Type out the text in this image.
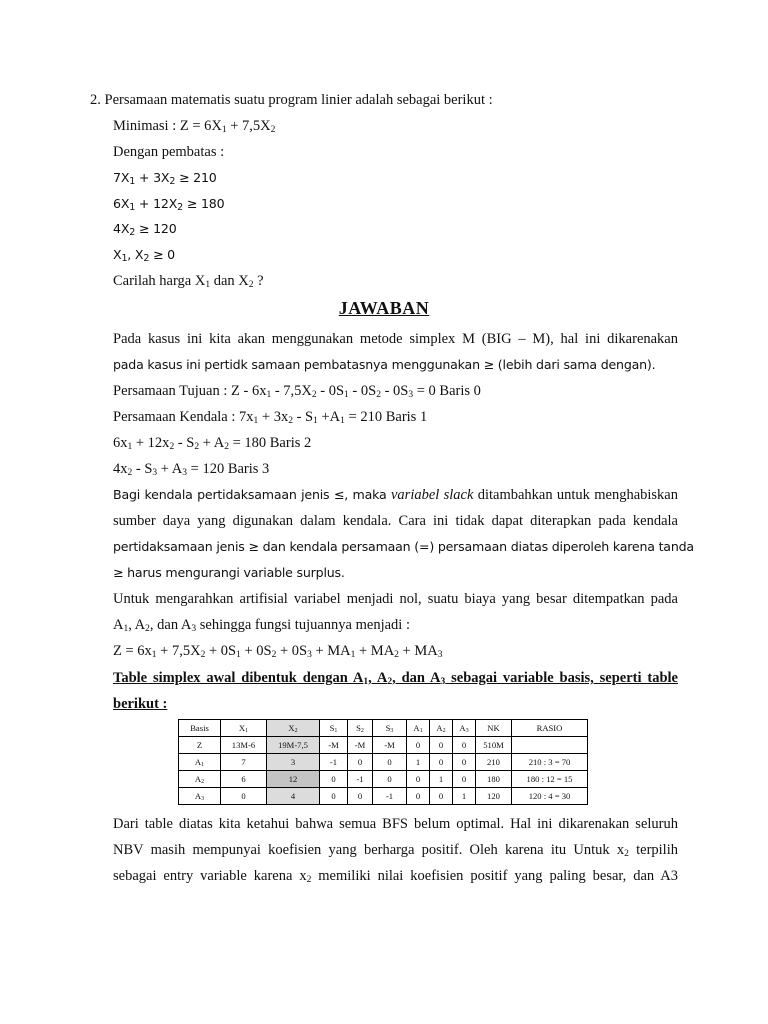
2. Persamaan matematis suatu program linier adalah sebagai berikut :
Minimasi : $Z = 6X_1 + 7,5X_2$
Dengan pembatas :
$7X_1 + 3X_2 \ge 210$
$6X_1 + 12X_2 \ge 180$
$4X_2 \ge 120$
$X_1$, $X_2 \ge 0$
Carilah harga $X_1$ dan $X_2$ ?
JAWABAN
Pada kasus ini kita akan menggunakan metode simplex M (BIG – M), hal ini dikarenakan
pada kasus ini pertidk samaan pembatasnya menggunakan ≥ (lebih dari sama dengan).
Persamaan Tujuan : $Z - 6x_1 - 7,5X_2 - 0S_1 - 0S_2 - 0S_3 = 0$ Baris 0
Persamaan Kendala : $7x_1 + 3x_2 - S_1 +A_1 = 210$ Baris 1
$6x_1 + 12x_2 - S_2 + A_2 = 180$ Baris 2
$4x_2 - S_3 + A_3 = 120$ Baris 3
Bagi kendala pertidaksamaan jenis ≤, maka variabel slack ditambahkan untuk menghabiskan
sumber daya yang digunakan dalam kendala. Cara ini tidak dapat diterapkan pada kendala
pertidaksamaan jenis ≥ dan kendala persamaan (=) persamaan diatas diperoleh karena tanda
≥ harus mengurangi variable surplus.
Untuk mengarahkan artifisial variabel menjadi nol, suatu biaya yang besar ditempatkan pada
$A_1$, $A_2$, dan $A_3$ sehingga fungsi tujuannya menjadi :
$Z = 6x_1 + 7,5X_2 + 0S_1 + 0S_2 + 0S_3 + MA_1 + MA_2 + MA_3$
Table simplex awal dibentuk dengan $A_1$, $A_2$, dan $A_3$ sebagai variable basis, seperti table
berikut :
Basis	$X_1$	$X_2$	$S_1$	$S_2$	$S_3$	$A_1$	$A_2$	$A_3$	NK	RASIO
Z	13M-6	19M-7,5	-M	-M	-M	0	0	0	510M	
$A_1$	7	3	-1	0	0	1	0	0	210	210 : 3 = 70
$A_2$	6	12	0	-1	0	0	1	0	180	180 : 12 = 15
$A_3$	0	4	0	0	-1	0	0	1	120	120 : 4 = 30
Dari table diatas kita ketahui bahwa semua BFS belum optimal. Hal ini dikarenakan seluruh
NBV masih mempunyai koefisien yang berharga positif. Oleh karena itu Untuk $x_2$ terpilih
sebagai entry variable karena $x_2$ memiliki nilai koefisien positif yang paling besar, dan A3
